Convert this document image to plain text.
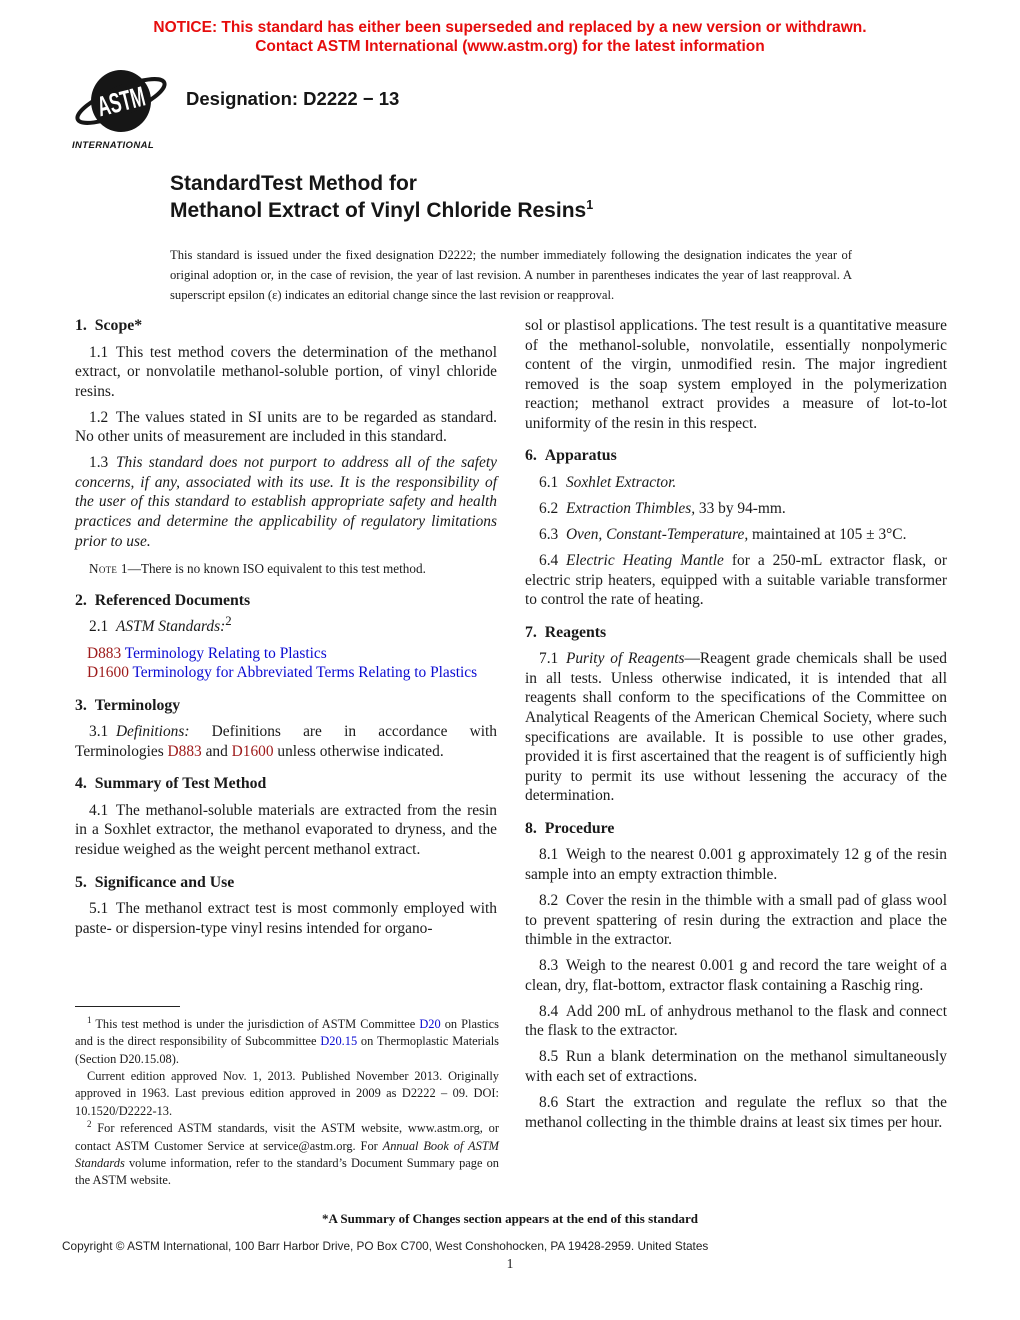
NOTICE: This standard has either been superseded and replaced by a new version or withdrawn.
Contact ASTM International (www.astm.org) for the latest information
ASTM
INTERNATIONAL
Designation: D2222 − 13
StandardTest Method for
Methanol Extract of Vinyl Chloride Resins$^1$
This standard is issued under the fixed designation D2222; the number immediately following the designation indicates the year of original adoption or, in the case of revision, the year of last revision. A number in parentheses indicates the year of last reapproval. A superscript epsilon (ε) indicates an editorial change since the last revision or reapproval.
1. Scope*

1.1 This test method covers the determination of the methanol extract, or nonvolatile methanol-soluble portion, of vinyl chloride resins.

1.2 The values stated in SI units are to be regarded as standard. No other units of measurement are included in this standard.

1.3 This standard does not purport to address all of the safety concerns, if any, associated with its use. It is the responsibility of the user of this standard to establish appropriate safety and health practices and determine the applicability of regulatory limitations prior to use.

Note 1—There is no known ISO equivalent to this test method.

2. Referenced Documents

2.1 ASTM Standards:$^2$

D883 Terminology Relating to Plastics

D1600 Terminology for Abbreviated Terms Relating to Plastics

3. Terminology

3.1 Definitions: Definitions are in accordance with Terminologies D883 and D1600 unless otherwise indicated.

4. Summary of Test Method

4.1 The methanol-soluble materials are extracted from the resin in a Soxhlet extractor, the methanol evaporated to dryness, and the residue weighed as the weight percent methanol extract.

5. Significance and Use

5.1 The methanol extract test is most commonly employed with paste- or dispersion-type vinyl resins intended for organo-

sol or plastisol applications. The test result is a quantitative measure of the methanol-soluble, nonvolatile, essentially nonpolymeric content of the virgin, unmodified resin. The major ingredient removed is the soap system employed in the polymerization reaction; methanol extract provides a measure of lot-to-lot uniformity of the resin in this respect.

6. Apparatus

6.1 Soxhlet Extractor.

6.2 Extraction Thimbles, 33 by 94-mm.

6.3 Oven, Constant-Temperature, maintained at 105 ± 3°C.

6.4 Electric Heating Mantle for a 250-mL extractor flask, or electric strip heaters, equipped with a suitable variable transformer to control the rate of heating.

7. Reagents

7.1 Purity of Reagents—Reagent grade chemicals shall be used in all tests. Unless otherwise indicated, it is intended that all reagents shall conform to the specifications of the Committee on Analytical Reagents of the American Chemical Society, where such specifications are available. It is possible to use other grades, provided it is first ascertained that the reagent is of sufficiently high purity to permit its use without lessening the accuracy of the determination.

8. Procedure

8.1 Weigh to the nearest 0.001 g approximately 12 g of the resin sample into an empty extraction thimble.

8.2 Cover the resin in the thimble with a small pad of glass wool to prevent spattering of resin during the extraction and place the thimble in the extractor.

8.3 Weigh to the nearest 0.001 g and record the tare weight of a clean, dry, flat-bottom, extractor flask containing a Raschig ring.

8.4 Add 200 mL of anhydrous methanol to the flask and connect the flask to the extractor.

8.5 Run a blank determination on the methanol simultaneously with each set of extractions.

8.6 Start the extraction and regulate the reflux so that the methanol collecting in the thimble drains at least six times per hour.

$^1$ This test method is under the jurisdiction of ASTM Committee D20 on Plastics and is the direct responsibility of Subcommittee D20.15 on Thermoplastic Materials (Section D20.15.08).

Current edition approved Nov. 1, 2013. Published November 2013. Originally approved in 1963. Last previous edition approved in 2009 as D2222 – 09. DOI: 10.1520/D2222-13.

$^2$ For referenced ASTM standards, visit the ASTM website, www.astm.org, or contact ASTM Customer Service at service@astm.org. For Annual Book of ASTM Standards volume information, refer to the standard’s Document Summary page on the ASTM website.

*A Summary of Changes section appears at the end of this standard
Copyright © ASTM International, 100 Barr Harbor Drive, PO Box C700, West Conshohocken, PA 19428-2959. United States
1
